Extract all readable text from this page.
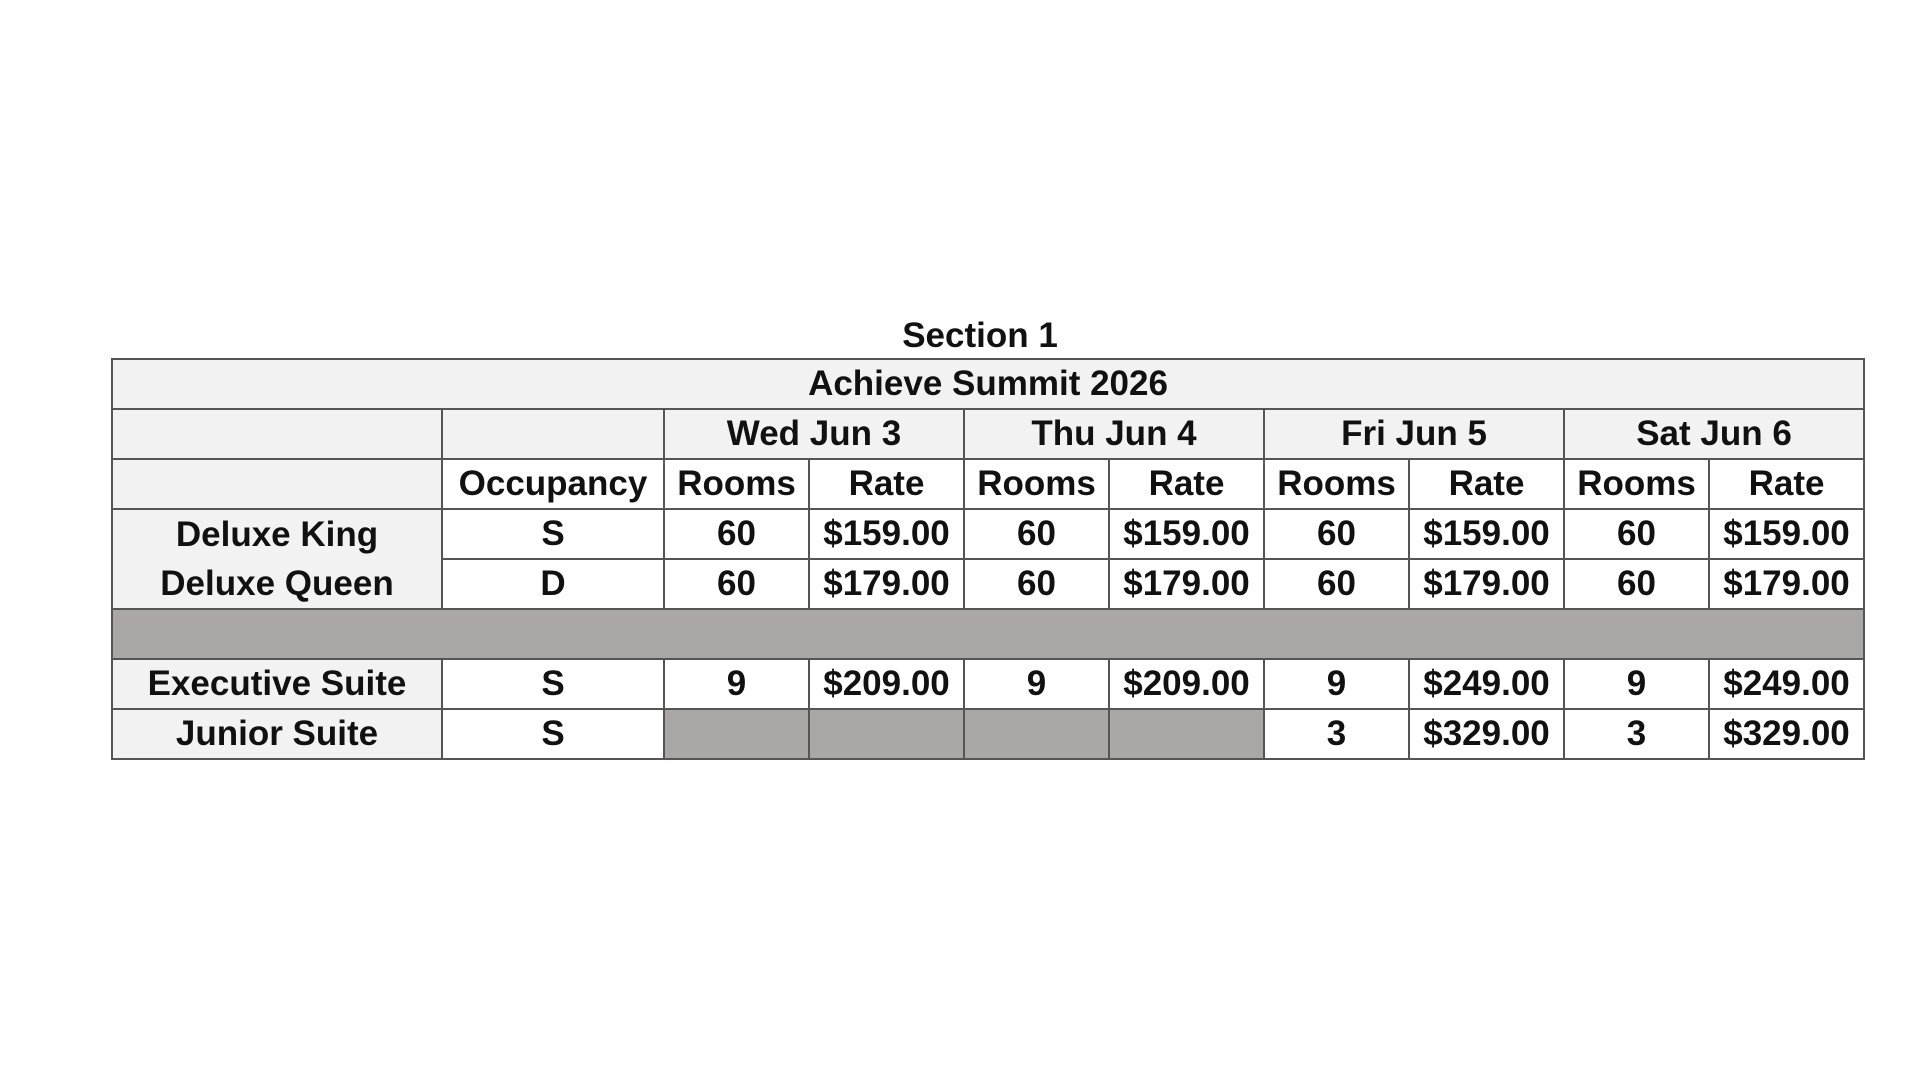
Section 1
Achieve Summit 2026									
		Wed Jun 3		Thu Jun 4		Fri Jun 5		Sat Jun 6	
	Occupancy	Rooms	Rate	Rooms	Rate	Rooms	Rate	Rooms	Rate
Deluxe King	S	60	$159.00	60	$159.00	60	$159.00	60	$159.00
Deluxe Queen	D	60	$179.00	60	$179.00	60	$179.00	60	$179.00

Executive Suite	S	9	$209.00	9	$209.00	9	$249.00	9	$249.00
Junior Suite	S					3	$329.00	3	$329.00
